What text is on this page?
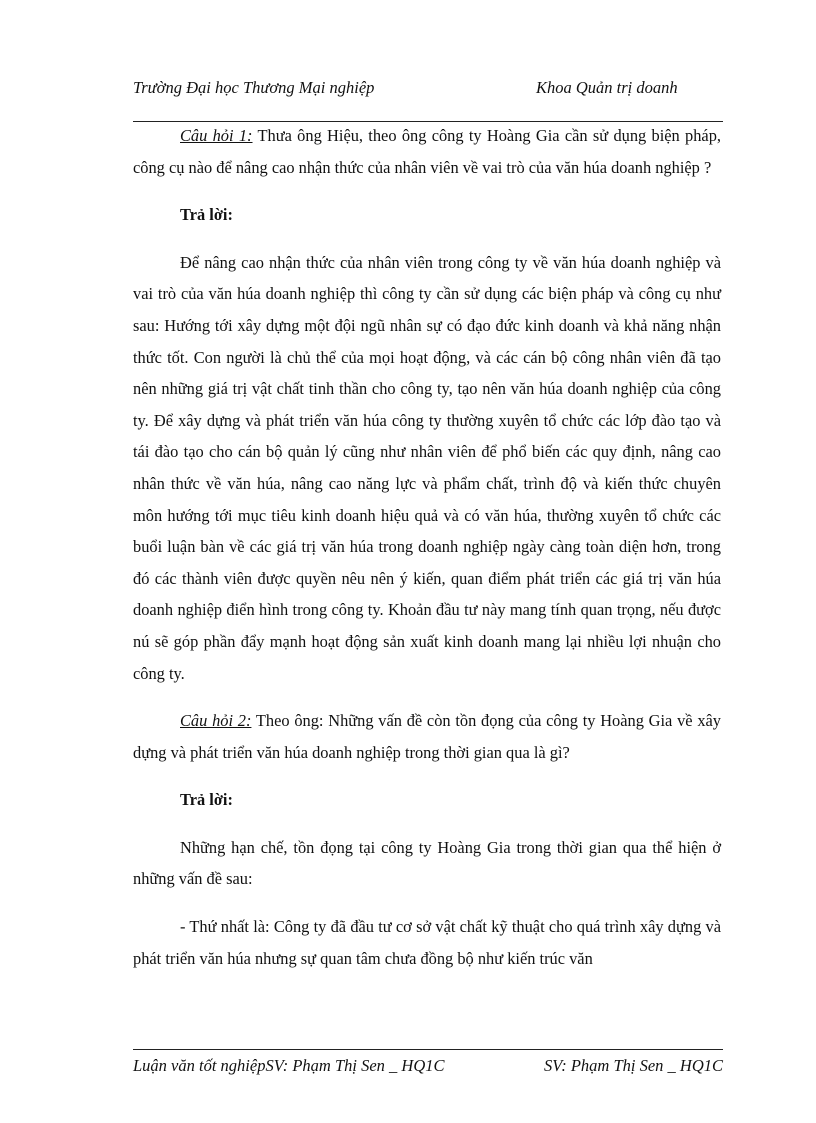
Trường Đại học Thương Mại nghiệp	Khoa Quản trị doanh

Câu hỏi 1: Thưa ông Hiệu, theo ông công ty Hoàng Gia cần sử dụng biện pháp, công cụ nào để nâng cao nhận thức của nhân viên về vai trò của văn húa doanh nghiệp ?

Trả lời:

Để nâng cao nhận thức của nhân viên trong công ty về văn húa doanh nghiệp và vai trò của văn húa doanh nghiệp thì công ty cần sử dụng các biện pháp và công cụ như sau: Hướng tới xây dựng một đội ngũ nhân sự có đạo đức kinh doanh và khả năng nhận thức tốt. Con người là chủ thể của mọi hoạt động, và các cán bộ công nhân viên đã tạo nên những giá trị vật chất tinh thần cho công ty, tạo nên văn húa doanh nghiệp của công ty. Để xây dựng và phát triển văn húa công ty thường xuyên tổ chức các lớp đào tạo và tái đào tạo cho cán bộ quản lý cũng như nhân viên để phổ biến các quy định, nâng cao nhân thức về văn húa, nâng cao năng lực và phẩm chất, trình độ và kiến thức chuyên môn hướng tới mục tiêu kinh doanh hiệu quả và có văn húa, thường xuyên tổ chức các buổi luận bàn về các giá trị văn húa trong doanh nghiệp ngày càng toàn diện hơn, trong đó các thành viên được quyền nêu nên ý kiến, quan điểm phát triển các giá trị văn húa doanh nghiệp điển hình trong công ty. Khoản đầu tư này mang tính quan trọng, nếu được nú sẽ góp phần đẩy mạnh hoạt động sản xuất kinh doanh mang lại nhiều lợi nhuận cho công ty.

Câu hỏi 2: Theo ông: Những vấn đề còn tồn đọng của công ty Hoàng Gia về xây dựng và phát triển văn húa doanh nghiệp trong thời gian qua là gì?

Trả lời:

Những hạn chế, tồn đọng tại công ty Hoàng Gia trong thời gian qua thể hiện ở những vấn đề sau:

- Thứ nhất là: Công ty đã đầu tư cơ sở vật chất kỹ thuật cho quá trình xây dựng và phát triển văn húa nhưng sự quan tâm chưa đồng bộ như kiến trúc văn

Luận văn tốt nghiệpSV: Phạm Thị Sen _ HQ1C	SV: Phạm Thị Sen _ HQ1C
